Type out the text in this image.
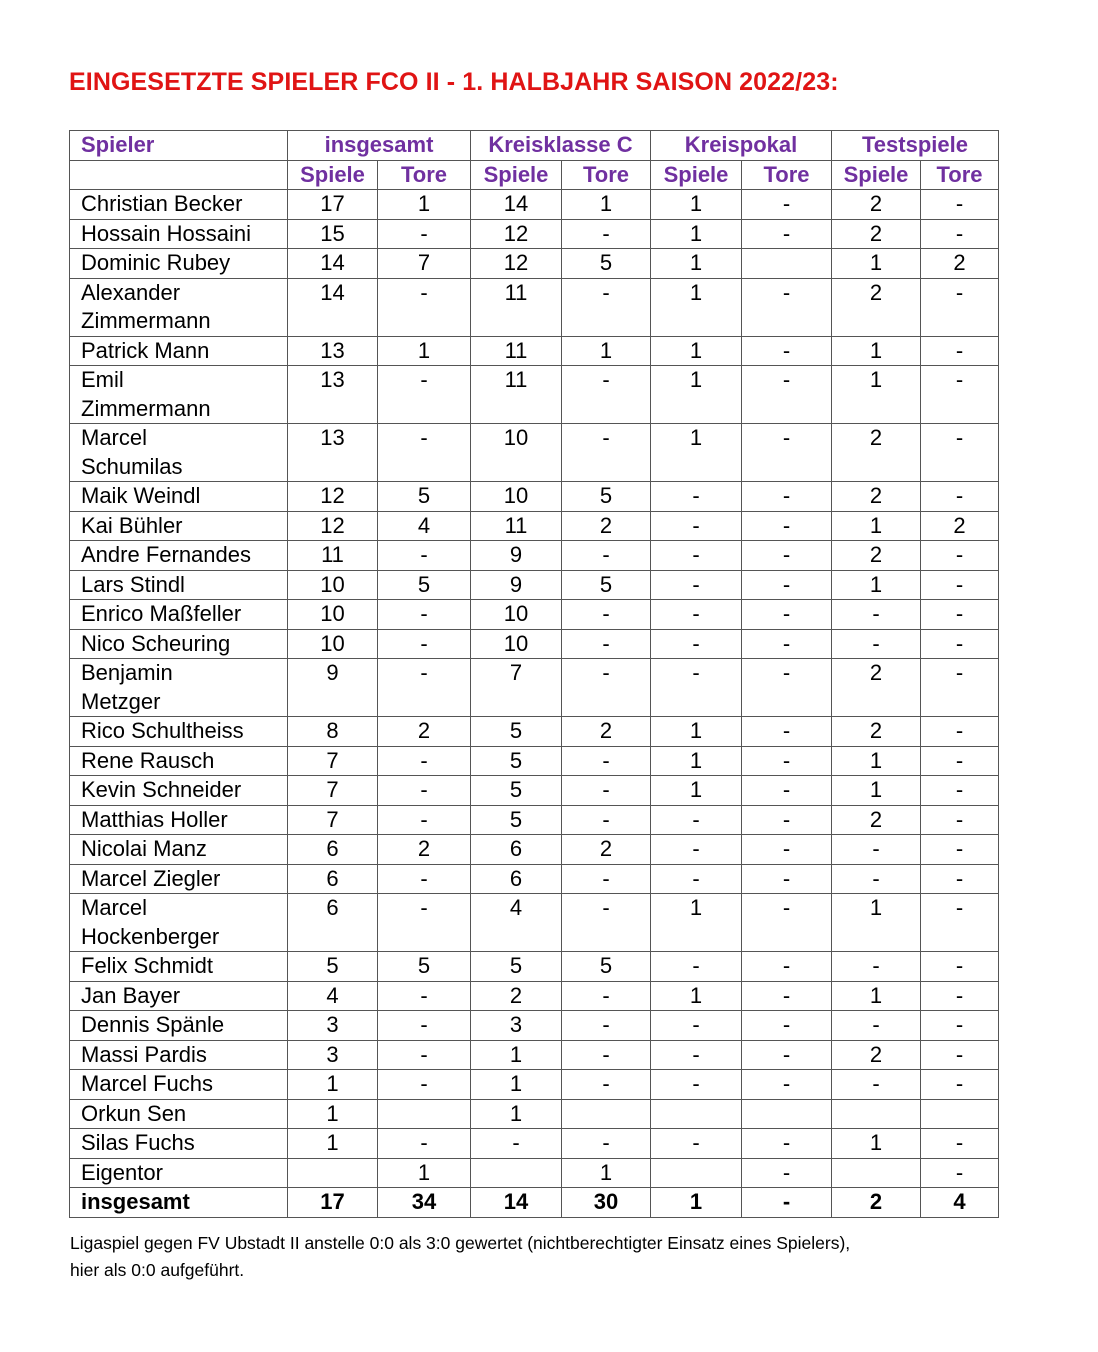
EINGESETZTE SPIELER FCO II - 1. HALBJAHR SAISON 2022/23:
Spieler	insgesamt		Kreisklasse C		Kreispokal		Testspiele	
	Spiele	Tore	Spiele	Tore	Spiele	Tore	Spiele	Tore
Christian Becker	17	1	14	1	1	-	2	-
Hossain Hossaini	15	-	12	-	1	-	2	-
Dominic Rubey	14	7	12	5	1		1	2
Alexander
Zimmermann	14	-	11	-	1	-	2	-
Patrick Mann	13	1	11	1	1	-	1	-
Emil
Zimmermann	13	-	11	-	1	-	1	-
Marcel
Schumilas	13	-	10	-	1	-	2	-
Maik Weindl	12	5	10	5	-	-	2	-
Kai Bühler	12	4	11	2	-	-	1	2
Andre Fernandes	11	-	9	-	-	-	2	-
Lars Stindl	10	5	9	5	-	-	1	-
Enrico Maßfeller	10	-	10	-	-	-	-	-
Nico Scheuring	10	-	10	-	-	-	-	-
Benjamin
Metzger	9	-	7	-	-	-	2	-
Rico Schultheiss	8	2	5	2	1	-	2	-
Rene Rausch	7	-	5	-	1	-	1	-
Kevin Schneider	7	-	5	-	1	-	1	-
Matthias Holler	7	-	5	-	-	-	2	-
Nicolai Manz	6	2	6	2	-	-	-	-
Marcel Ziegler	6	-	6	-	-	-	-	-
Marcel
Hockenberger	6	-	4	-	1	-	1	-
Felix Schmidt	5	5	5	5	-	-	-	-
Jan Bayer	4	-	2	-	1	-	1	-
Dennis Spänle	3	-	3	-	-	-	-	-
Massi Pardis	3	-	1	-	-	-	2	-
Marcel Fuchs	1	-	1	-	-	-	-	-
Orkun Sen	1		1					
Silas Fuchs	1	-	-	-	-	-	1	-
Eigentor		1		1		-		-
insgesamt	17	34	14	30	1	-	2	4
Ligaspiel gegen FV Ubstadt II anstelle 0:0 als 3:0 gewertet (nichtberechtigter Einsatz eines Spielers),
hier als 0:0 aufgeführt.
